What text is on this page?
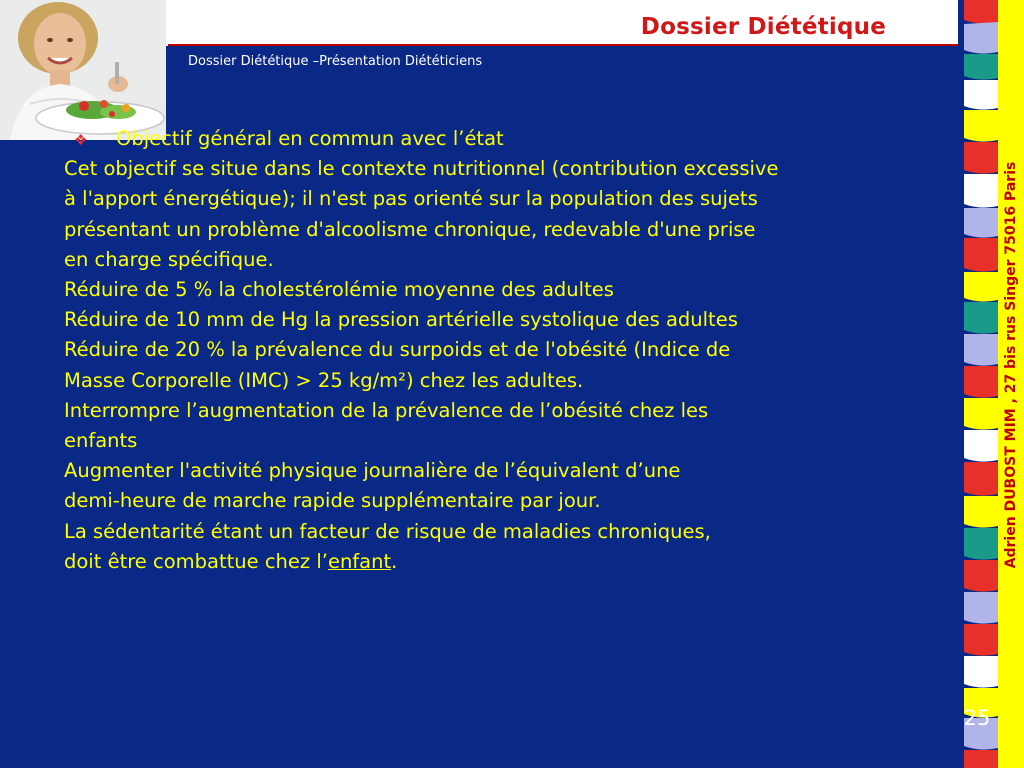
Dossier Diététique
Dossier Diététique –Présentation Diététiciens

❖ Objectif général en commun avec l’état

Cet objectif se situe dans le contexte nutritionnel (contribution excessive

à l'apport énergétique); il n'est pas orienté sur la population des sujets

présentant un problème d'alcoolisme chronique, redevable d'une prise

en charge spécifique.

Réduire de 5 % la cholestérolémie moyenne des adultes

Réduire de 10 mm de Hg la pression artérielle systolique des adultes

Réduire de 20 % la prévalence du surpoids et de l'obésité (Indice de

Masse Corporelle (IMC) > 25 kg/m²) chez les adultes.

Interrompre l’augmentation de la prévalence de l’obésité chez les

enfants

Augmenter l'activité physique journalière de l’équivalent d’une

demi-heure de marche rapide supplémentaire par jour.

La sédentarité étant un facteur de risque de maladies chroniques,

doit être combattue chez l’enfant.	Adrien DUBOST MIM , 27 bis rus Singer 75016 Paris
25
